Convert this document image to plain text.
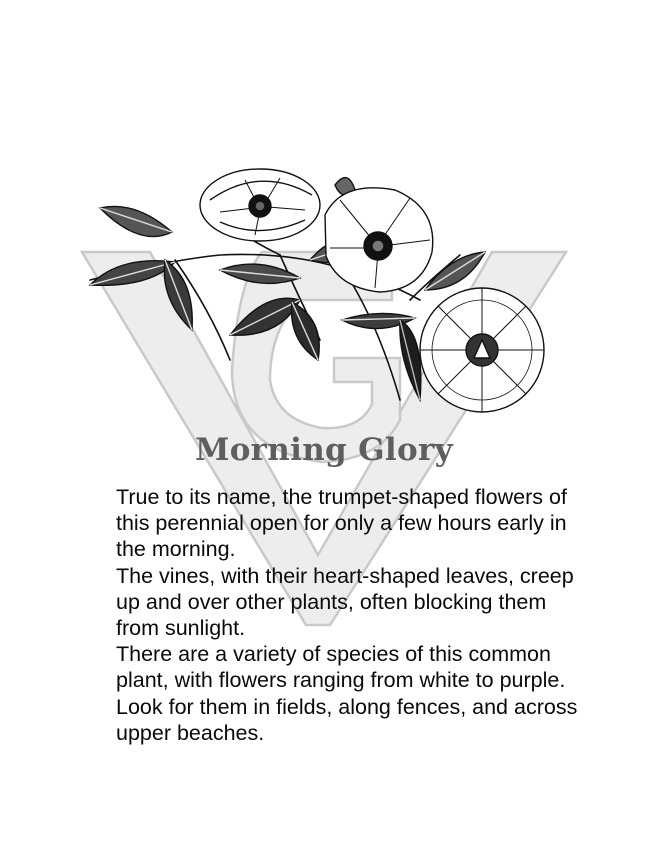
Morning Glory

True to its name, the trumpet-shaped flowers of this perennial open for only a few hours early in the morning.

The vines, with their heart-shaped leaves, creep up and over other plants, often blocking them from sunlight.

There are a variety of species of this common plant, with flowers ranging from white to purple. Look for them in fields, along fences, and across upper beaches.
